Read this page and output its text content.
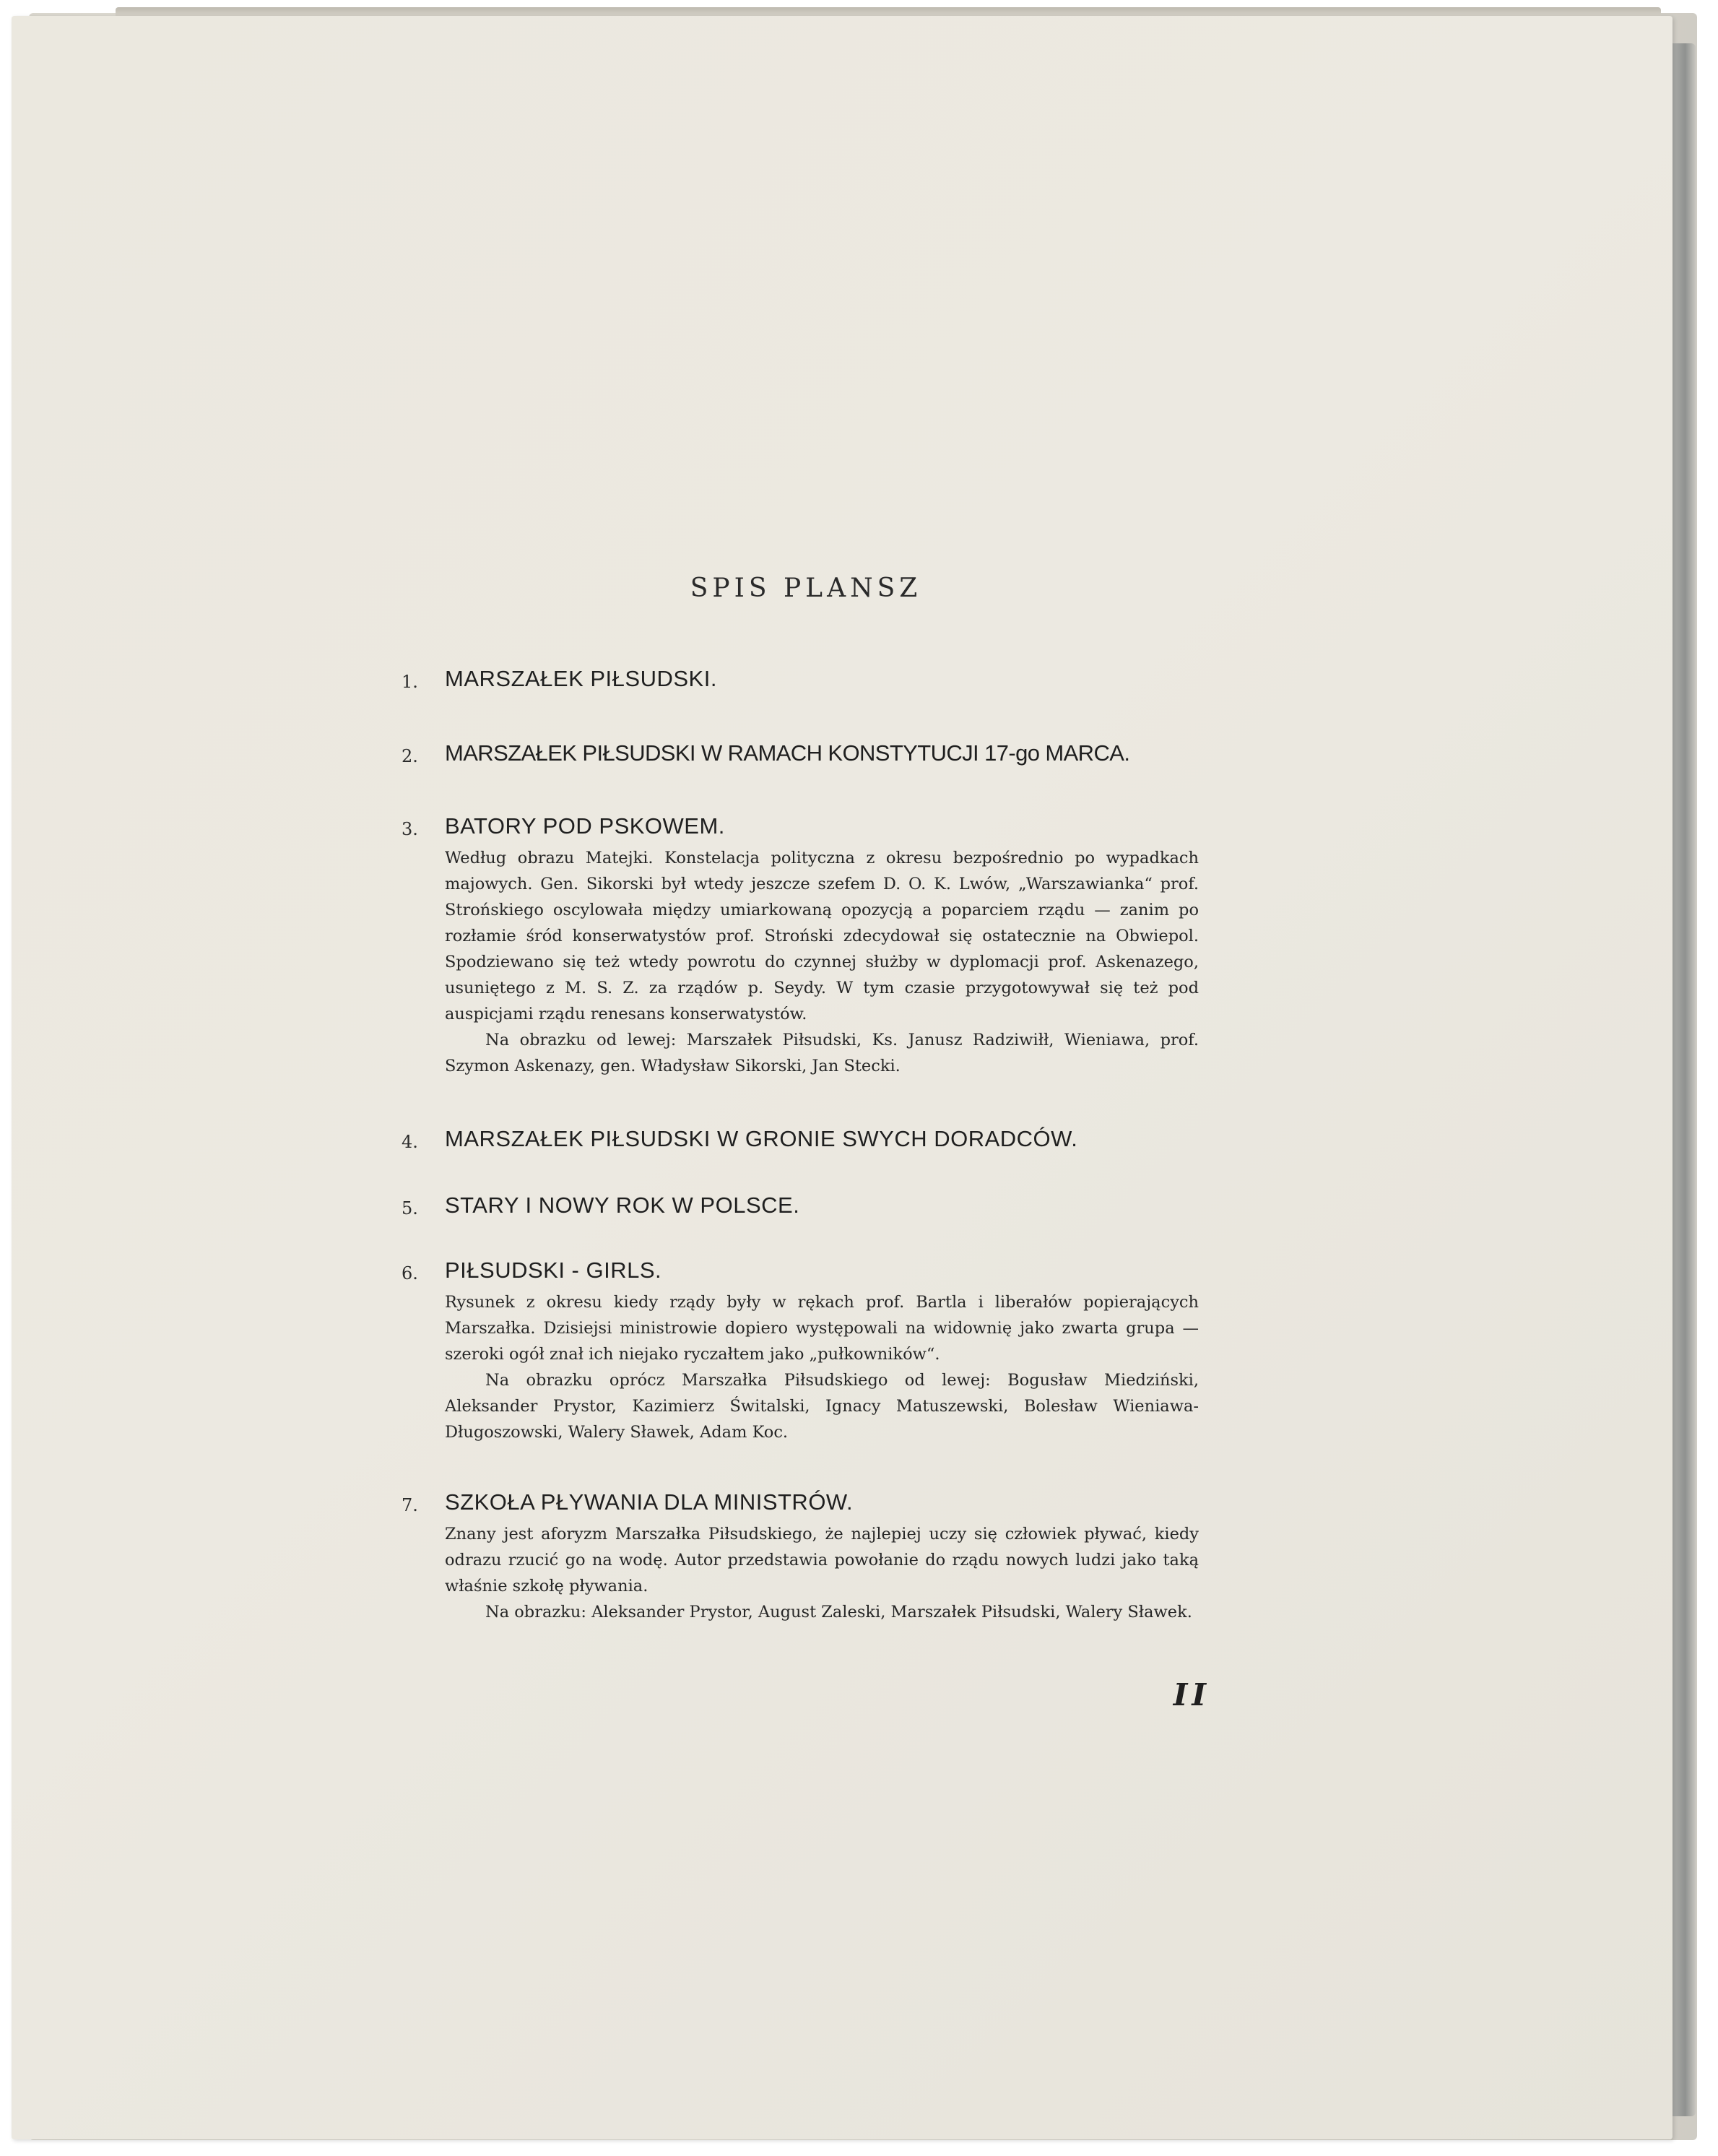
SPIS PLANSZ
1. MARSZAŁEK PIŁSUDSKI.
2. MARSZAŁEK PIŁSUDSKI W RAMACH KONSTYTUCJI 17-go MARCA.
3. BATORY POD PSKOWEM.

Według obrazu Matejki. Konstelacja polityczna z okresu bezpośrednio po wypadkach majowych. Gen. Sikorski był wtedy jeszcze szefem D. O. K. Lwów, „Warszawianka“ prof. Strońskiego oscylowała między umiarkowaną opozycją a poparciem rządu — zanim po rozłamie śród konserwatystów prof. Stroński zdecydował się ostatecznie na Obwiepol. Spodziewano się też wtedy powrotu do czynnej służby w dyplomacji prof. Askenazego, usuniętego z M. S. Z. za rządów p. Seydy. W tym czasie przygotowywał się też pod auspicjami rządu renesans konserwatystów.

Na obrazku od lewej: Marszałek Piłsudski, Ks. Janusz Radziwiłł, Wieniawa, prof. Szymon Askenazy, gen. Władysław Sikorski, Jan Stecki.

4. MARSZAŁEK PIŁSUDSKI W GRONIE SWYCH DORADCÓW.
5. STARY I NOWY ROK W POLSCE.
6. PIŁSUDSKI - GIRLS.

Rysunek z okresu kiedy rządy były w rękach prof. Bartla i liberałów popierających Marszałka. Dzisiejsi ministrowie dopiero występowali na widownię jako zwarta grupa — szeroki ogół znał ich niejako ryczałtem jako „pułkowników“.

Na obrazku oprócz Marszałka Piłsudskiego od lewej: Bogusław Miedziński, Aleksander Prystor, Kazimierz Świtalski, Ignacy Matuszewski, Bolesław Wieniawa-Długoszowski, Walery Sławek, Adam Koc.

7. SZKOŁA PŁYWANIA DLA MINISTRÓW.

Znany jest aforyzm Marszałka Piłsudskiego, że najlepiej uczy się człowiek pływać, kiedy odrazu rzucić go na wodę. Autor przedstawia powołanie do rządu nowych ludzi jako taką właśnie szkołę pływania.

Na obrazku: Aleksander Prystor, August Zaleski, Marszałek Piłsudski, Walery Sławek.

II
